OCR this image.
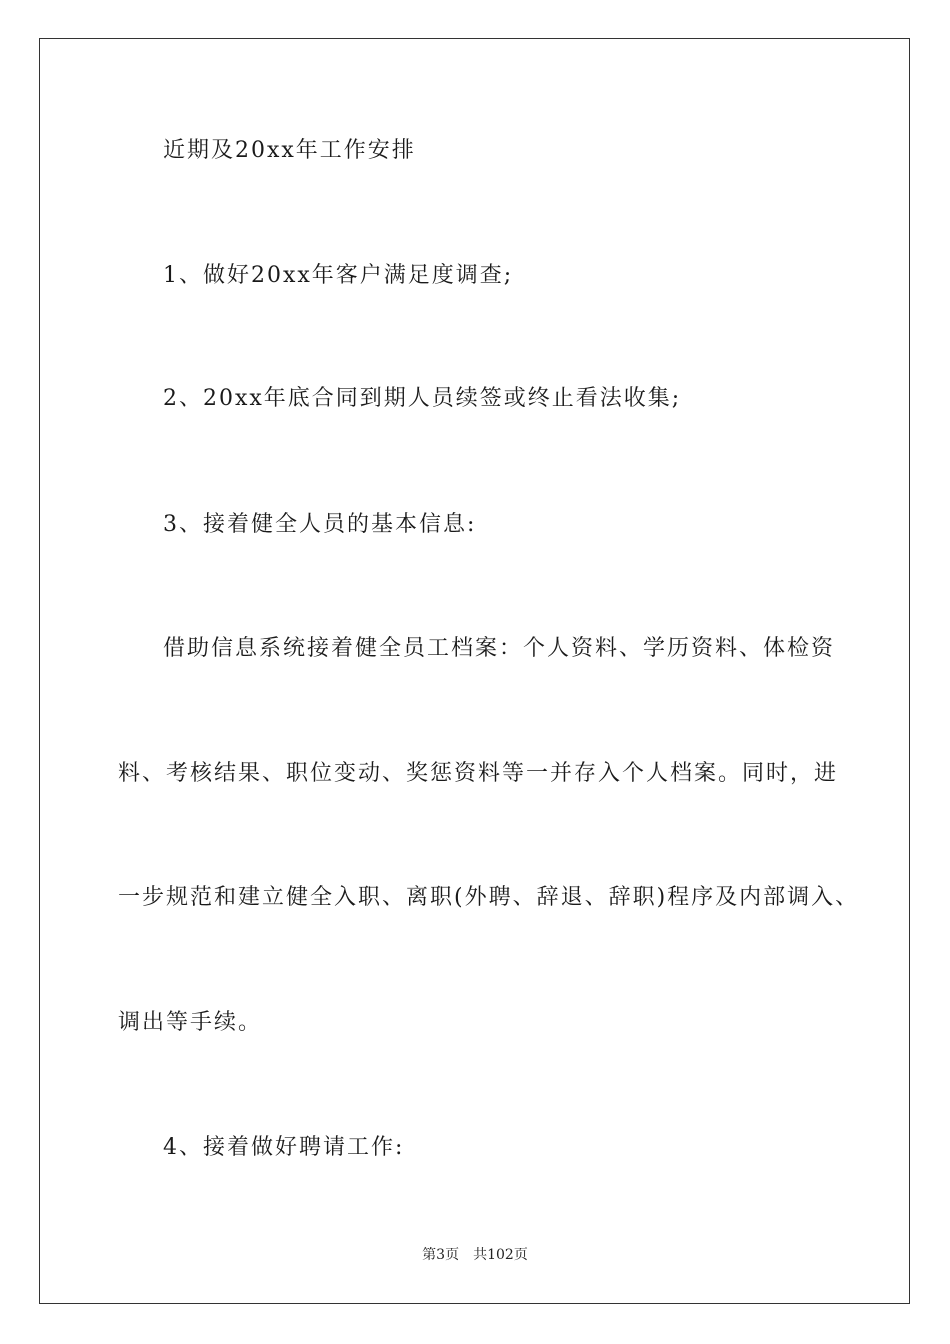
近期及20xx年工作安排
1、做好20xx年客户满足度调查;
2、20xx年底合同到期人员续签或终止看法收集;
3、接着健全人员的基本信息:
借助信息系统接着健全员工档案：个人资料、学历资料、体检资
料、考核结果、职位变动、奖惩资料等一并存入个人档案。同时，进
一步规范和建立健全入职、离职(外聘、辞退、辞职)程序及内部调入、
调出等手续。
4、接着做好聘请工作:
第3页 共102页
